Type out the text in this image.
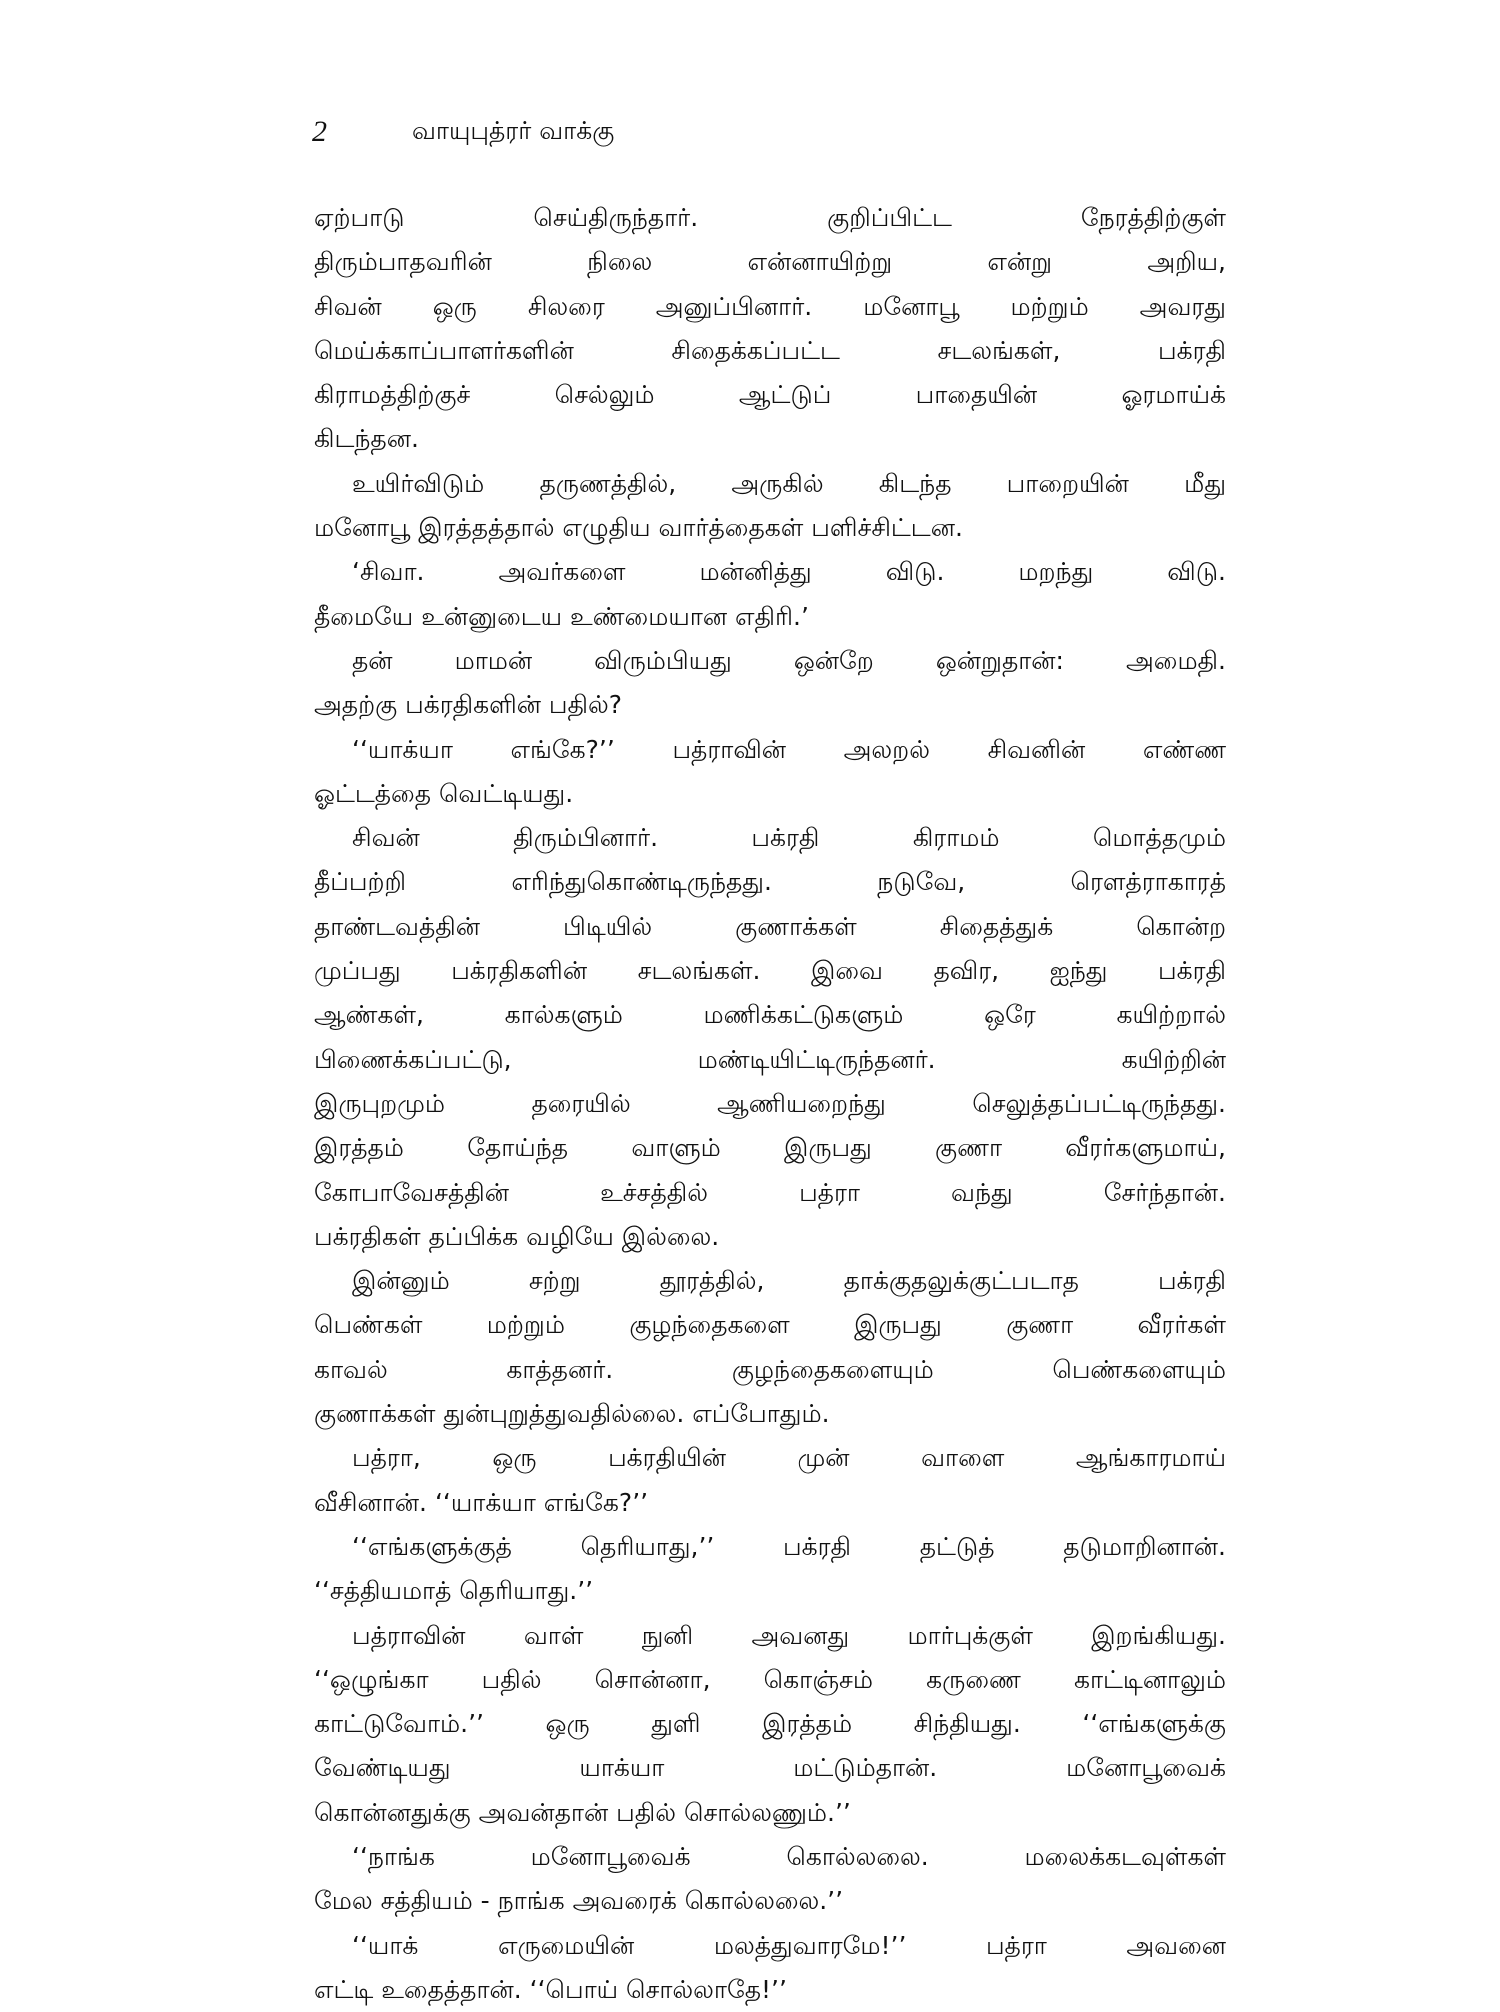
2	வாயுபுத்ரர் வாக்கு
ஏற்பாடு செய்திருந்தார். குறிப்பிட்ட நேரத்திற்குள்
திரும்பாதவரின் நிலை என்னாயிற்று என்று அறிய,
சிவன் ஒரு சிலரை அனுப்பினார். மனோபூ மற்றும் அவரது
மெய்க்காப்பாளர்களின் சிதைக்கப்பட்ட சடலங்கள், பக்ரதி
கிராமத்திற்குச் செல்லும் ஆட்டுப் பாதையின் ஓரமாய்க்
கிடந்தன.
உயிர்விடும் தருணத்தில், அருகில் கிடந்த பாறையின் மீது
மனோபூ இரத்தத்தால் எழுதிய வார்த்தைகள் பளிச்சிட்டன.
‘சிவா. அவர்களை மன்னித்து விடு. மறந்து விடு.
தீமையே உன்னுடைய உண்மையான எதிரி.’
தன் மாமன் விரும்பியது ஒன்றே ஒன்றுதான்: அமைதி.
அதற்கு பக்ரதிகளின் பதில்?
‘‘யாக்யா எங்கே?’’ பத்ராவின் அலறல் சிவனின் எண்ண
ஓட்டத்தை வெட்டியது.
சிவன் திரும்பினார். பக்ரதி கிராமம் மொத்தமும்
தீப்பற்றி எரிந்துகொண்டிருந்தது. நடுவே, ரௌத்ராகாரத்
தாண்டவத்தின் பிடியில் குணாக்கள் சிதைத்துக் கொன்ற
முப்பது பக்ரதிகளின் சடலங்கள். இவை தவிர, ஐந்து பக்ரதி
ஆண்கள், கால்களும் மணிக்கட்டுகளும் ஒரே கயிற்றால்
பிணைக்கப்பட்டு, மண்டியிட்டிருந்தனர். கயிற்றின்
இருபுறமும் தரையில் ஆணியறைந்து செலுத்தப்பட்டிருந்தது.
இரத்தம் தோய்ந்த வாளும் இருபது குணா வீரர்களுமாய்,
கோபாவேசத்தின் உச்சத்தில் பத்ரா வந்து சேர்ந்தான்.
பக்ரதிகள் தப்பிக்க வழியே இல்லை.
இன்னும் சற்று தூரத்தில், தாக்குதலுக்குட்படாத பக்ரதி
பெண்கள் மற்றும் குழந்தைகளை இருபது குணா வீரர்கள்
காவல் காத்தனர். குழந்தைகளையும் பெண்களையும்
குணாக்கள் துன்புறுத்துவதில்லை. எப்போதும்.
பத்ரா, ஒரு பக்ரதியின் முன் வாளை ஆங்காரமாய்
வீசினான். ‘‘யாக்யா எங்கே?’’
‘‘எங்களுக்குத் தெரியாது,’’ பக்ரதி தட்டுத் தடுமாறினான்.
‘‘சத்தியமாத் தெரியாது.’’
பத்ராவின் வாள் நுனி அவனது மார்புக்குள் இறங்கியது.
‘‘ஒழுங்கா பதில் சொன்னா, கொஞ்சம் கருணை காட்டினாலும்
காட்டுவோம்.’’ ஒரு துளி இரத்தம் சிந்தியது. ‘‘எங்களுக்கு
வேண்டியது யாக்யா மட்டும்தான். மனோபூவைக்
கொன்னதுக்கு அவன்தான் பதில் சொல்லணும்.’’
‘‘நாங்க மனோபூவைக் கொல்லலை. மலைக்கடவுள்கள்
மேல சத்தியம் - நாங்க அவரைக் கொல்லலை.’’
‘‘யாக் எருமையின் மலத்துவாரமே!’’ பத்ரா அவனை
எட்டி உதைத்தான். ‘‘பொய் சொல்லாதே!’’
